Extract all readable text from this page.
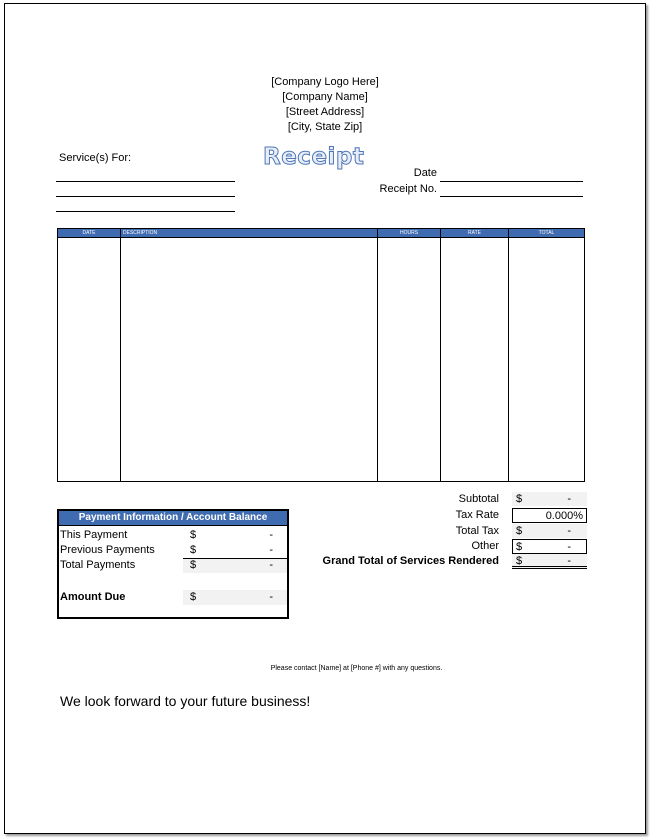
[Company Logo Here]
[Company Name]
[Street Address]
[City, State Zip]
Receipt
Service(s) For:
Date
Receipt No.
DATE	DESCRIPTION	HOURS	RATE	TOTAL

Payment Information / Account Balance
This Payment	$	-
Previous Payments	$	-
Total Payments	$	-
Amount Due	$	-
Subtotal $	-
Tax Rate	0.000%
Total Tax $	-
Other $	-
Grand Total of Services Rendered $	-
Please contact [Name] at [Phone #] with any questions.
We look forward to your future business!
